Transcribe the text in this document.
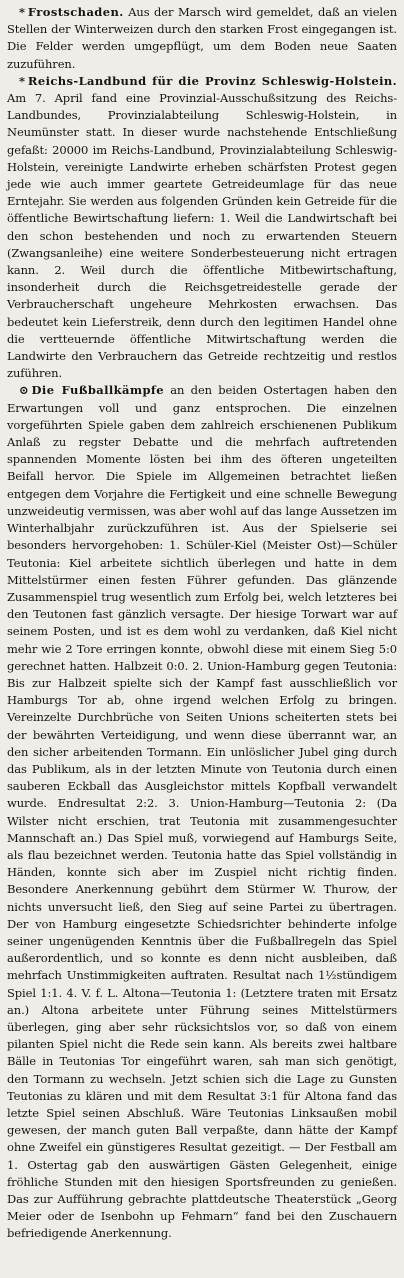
* Frostschaden. Aus der Marsch wird gemeldet, daß an vielen Stellen der Winterweizen durch den starken Frost eingegangen ist. Die Felder werden umgepflügt, um dem Boden neue Saaten zuzuführen.

* Reichs-Landbund für die Provinz Schleswig-Holstein. Am 7. April fand eine Provinzial-Ausschußsitzung des Reichs-Landbundes, Provinzialabteilung Schleswig-Holstein, in Neumünster statt. In dieser wurde nachstehende Entschließung gefaßt: 20000 im Reichs-Landbund, Provinzialabteilung Schleswig-Holstein, vereinigte Landwirte erheben schärfsten Protest gegen jede wie auch immer geartete Getreideumlage für das neue Erntejahr. Sie werden aus folgenden Gründen kein Getreide für die öffentliche Bewirtschaftung liefern: 1. Weil die Landwirtschaft bei den schon bestehenden und noch zu erwartenden Steuern (Zwangsanleihe) eine weitere Sonderbesteuerung nicht ertragen kann. 2. Weil durch die öffentliche Mitbewirtschaftung, insonderheit durch die Reichsgetreidestelle gerade der Verbraucherschaft ungeheure Mehrkosten erwachsen. Das bedeutet kein Lieferstreik, denn durch den legitimen Handel ohne die vertteuernde öffentliche Mitwirtschaftung werden die Landwirte den Verbrauchern das Getreide rechtzeitig und restlos zuführen.

⊙ Die Fußballkämpfe an den beiden Ostertagen haben den Erwartungen voll und ganz entsprochen. Die einzelnen vorgeführten Spiele gaben dem zahlreich erschienenen Publikum Anlaß zu regster Debatte und die mehrfach auftretenden spannenden Momente lösten bei ihm des öfteren ungeteilten Beifall hervor. Die Spiele im Allgemeinen betrachtet ließen entgegen dem Vorjahre die Fertigkeit und eine schnelle Bewegung unzweideutig vermissen, was aber wohl auf das lange Aussetzen im Winterhalbjahr zurückzuführen ist. Aus der Spielserie sei besonders hervorgehoben: 1. Schüler-Kiel (Meister Ost)—Schüler Teutonia: Kiel arbeitete sichtlich überlegen und hatte in dem Mittelstürmer einen festen Führer gefunden. Das glänzende Zusammenspiel trug wesentlich zum Erfolg bei, welch letzteres bei den Teutonen fast gänzlich versagte. Der hiesige Torwart war auf seinem Posten, und ist es dem wohl zu verdanken, daß Kiel nicht mehr wie 2 Tore erringen konnte, obwohl diese mit einem Sieg 5:0 gerechnet hatten. Halbzeit 0:0. 2. Union-Hamburg gegen Teutonia: Bis zur Halbzeit spielte sich der Kampf fast ausschließlich vor Hamburgs Tor ab, ohne irgend welchen Erfolg zu bringen. Vereinzelte Durchbrüche von Seiten Unions scheiterten stets bei der bewährten Verteidigung, und wenn diese überrannt war, an den sicher arbeitenden Tormann. Ein unlöslicher Jubel ging durch das Publikum, als in der letzten Minute von Teutonia durch einen sauberen Eckball das Ausgleichstor mittels Kopfball verwandelt wurde. Endresultat 2:2. 3. Union-Hamburg—Teutonia 2: (Da Wilster nicht erschien, trat Teutonia mit zusammengesuchter Mannschaft an.) Das Spiel muß, vorwiegend auf Hamburgs Seite, als flau bezeichnet werden. Teutonia hatte das Spiel vollständig in Händen, konnte sich aber im Zuspiel nicht richtig finden. Besondere Anerkennung gebührt dem Stürmer W. Thurow, der nichts unversucht ließ, den Sieg auf seine Partei zu übertragen. Der von Hamburg eingesetzte Schiedsrichter behinderte infolge seiner ungenügenden Kenntnis über die Fußballregeln das Spiel außerordentlich, und so konnte es denn nicht ausbleiben, daß mehrfach Unstimmigkeiten auftraten. Resultat nach 1½stündigem Spiel 1:1. 4. V. f. L. Altona—Teutonia 1: (Letztere traten mit Ersatz an.) Altona arbeitete unter Führung seines Mittelstürmers überlegen, ging aber sehr rücksichtslos vor, so daß von einem pilanten Spiel nicht die Rede sein kann. Als bereits zwei haltbare Bälle in Teutonias Tor eingeführt waren, sah man sich genötigt, den Tormann zu wechseln. Jetzt schien sich die Lage zu Gunsten Teutonias zu klären und mit dem Resultat 3:1 für Altona fand das letzte Spiel seinen Abschluß. Wäre Teutonias Linksaußen mobil gewesen, der manch guten Ball verpaßte, dann hätte der Kampf ohne Zweifel ein günstigeres Resultat gezeitigt. — Der Festball am 1. Ostertag gab den auswärtigen Gästen Gelegenheit, einige fröhliche Stunden mit den hiesigen Sportsfreunden zu genießen. Das zur Aufführung gebrachte plattdeutsche Theaterstück „Georg Meier oder de Isenbohn up Fehmarn“ fand bei den Zuschauern befriedigende Anerkennung.
